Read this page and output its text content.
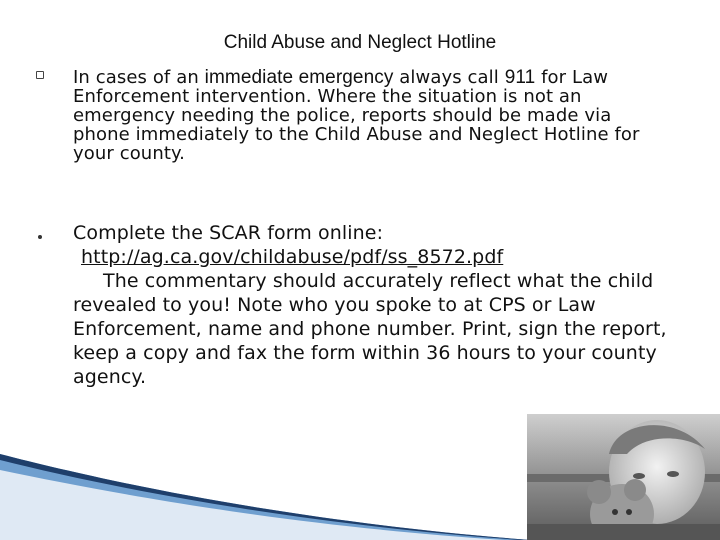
Child Abuse and Neglect Hotline
In cases of an immediate emergency always call 911 for Law Enforcement intervention. Where the situation is not an emergency needing the police, reports should be made via phone immediately to the Child Abuse and Neglect Hotline for your county.
Complete the SCAR form online:
http://ag.ca.gov/childabuse/pdf/ss_8572.pdf
The commentary should accurately reflect what the child revealed to you! Note who you spoke to at CPS or Law Enforcement, name and phone number. Print, sign the report, keep a copy and fax the form within 36 hours to your county agency.
